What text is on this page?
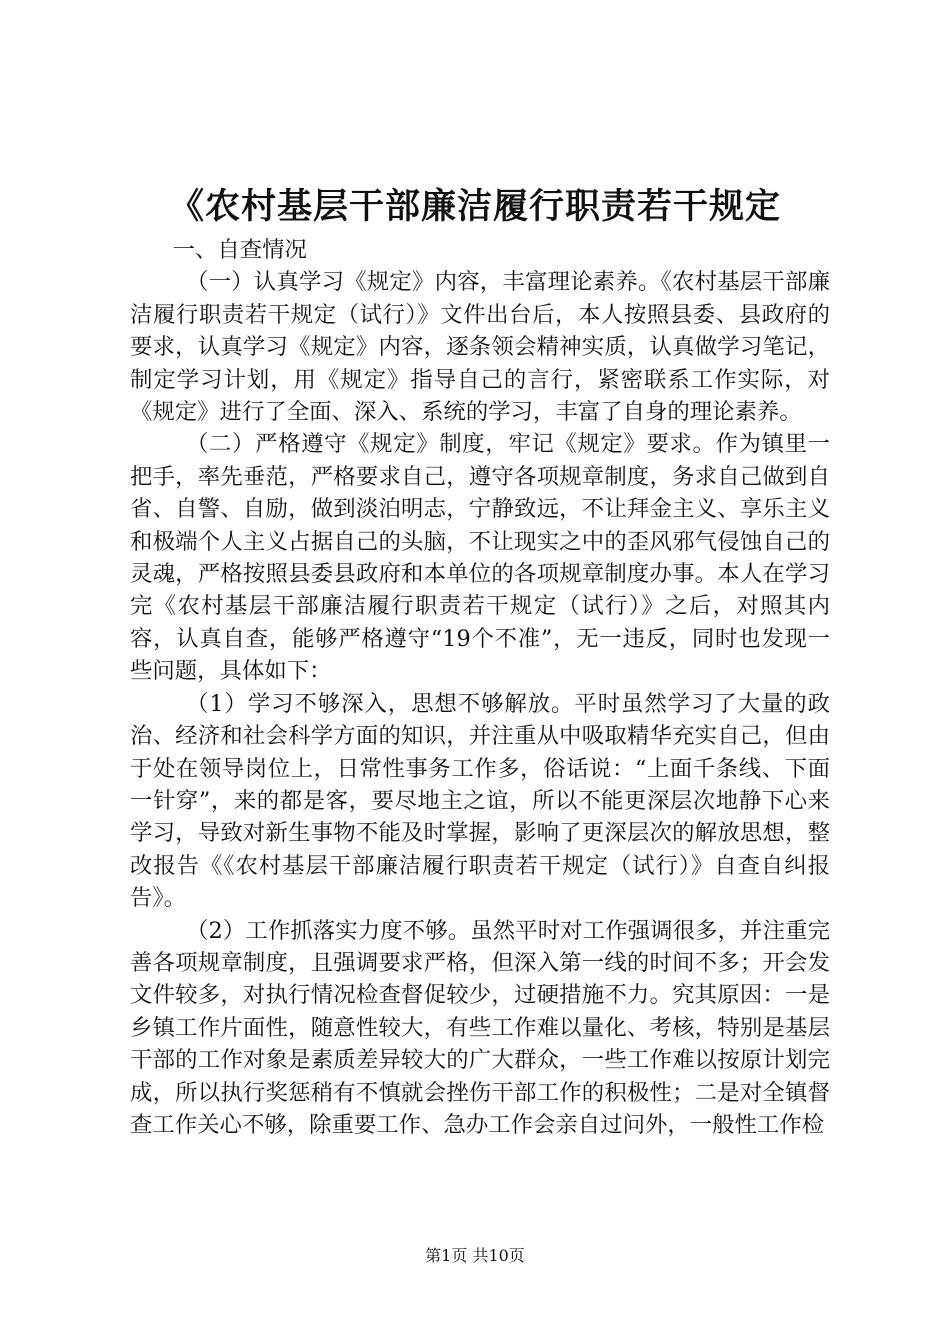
《农村基层干部廉洁履行职责若干规定

一、自查情况

（一）认真学习《规定》内容，丰富理论素养。《农村基层干部廉洁履行职责若干规定（试行）》文件出台后，本人按照县委、县政府的要求，认真学习《规定》内容，逐条领会精神实质，认真做学习笔记，制定学习计划，用《规定》指导自己的言行，紧密联系工作实际，对《规定》进行了全面、深入、系统的学习，丰富了自身的理论素养。

（二）严格遵守《规定》制度，牢记《规定》要求。作为镇里一把手，率先垂范，严格要求自己，遵守各项规章制度，务求自己做到自省、自警、自励，做到淡泊明志，宁静致远，不让拜金主义、享乐主义和极端个人主义占据自己的头脑，不让现实之中的歪风邪气侵蚀自己的灵魂，严格按照县委县政府和本单位的各项规章制度办事。本人在学习完《农村基层干部廉洁履行职责若干规定（试行）》之后，对照其内容，认真自查，能够严格遵守“19个不准”，无一违反，同时也发现一些问题，具体如下：

（1）学习不够深入，思想不够解放。平时虽然学习了大量的政治、经济和社会科学方面的知识，并注重从中吸取精华充实自己，但由于处在领导岗位上，日常性事务工作多，俗话说：“上面千条线、下面一针穿”，来的都是客，要尽地主之谊，所以不能更深层次地静下心来学习，导致对新生事物不能及时掌握，影响了更深层次的解放思想，整改报告《《农村基层干部廉洁履行职责若干规定（试行）》自查自纠报告》。

（2）工作抓落实力度不够。虽然平时对工作强调很多，并注重完善各项规章制度，且强调要求严格，但深入第一线的时间不多；开会发文件较多，对执行情况检查督促较少，过硬措施不力。究其原因：一是乡镇工作片面性，随意性较大，有些工作难以量化、考核，特别是基层干部的工作对象是素质差异较大的广大群众，一些工作难以按原计划完成，所以执行奖惩稍有不慎就会挫伤干部工作的积极性；二是对全镇督查工作关心不够，除重要工作、急办工作会亲自过问外，一般性工作检

第1页 共10页
